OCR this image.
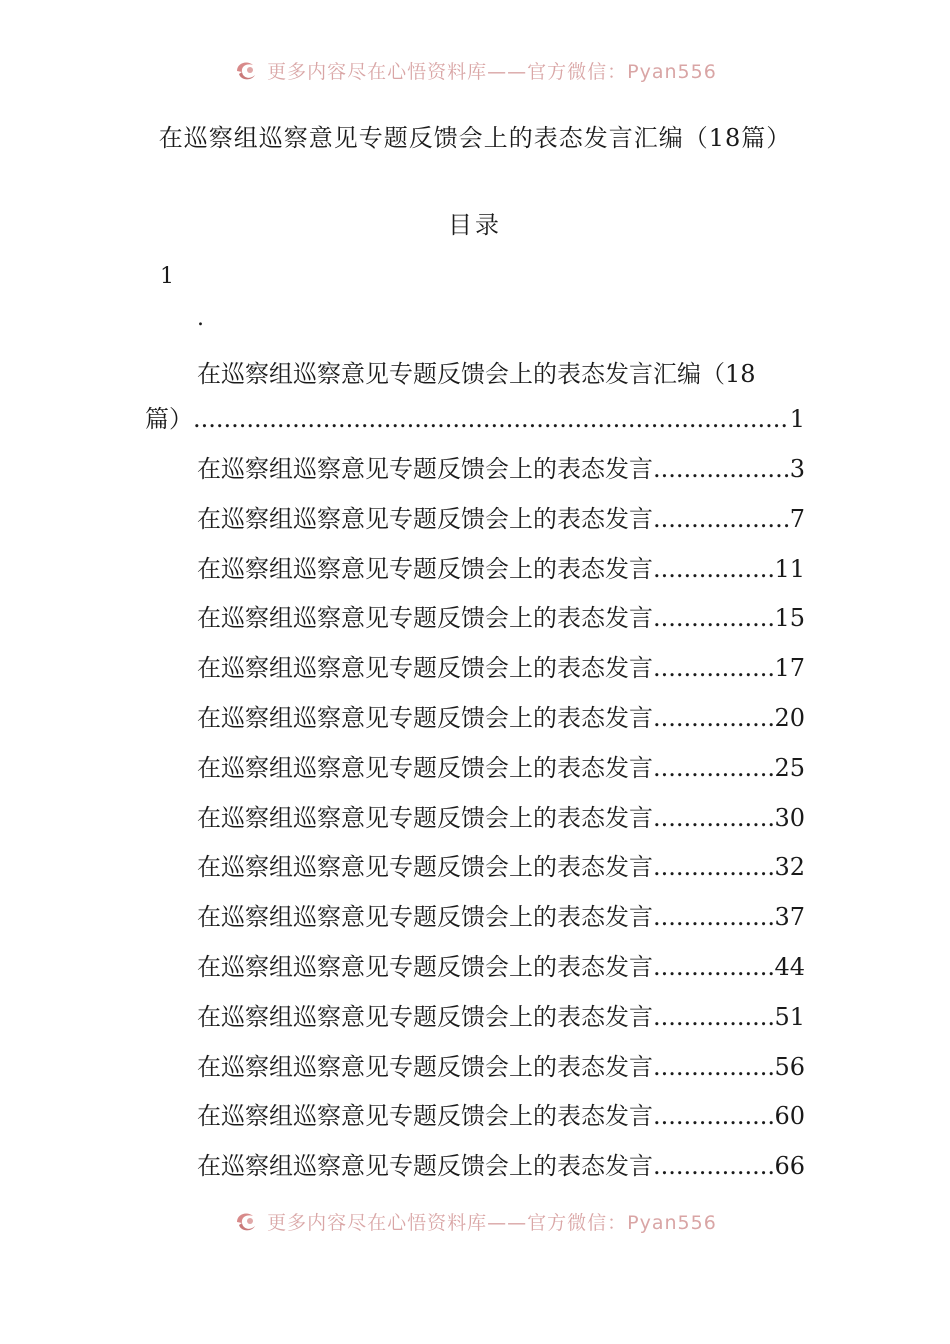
更多内容尽在心悟资料库——官方微信：Pyan556
在巡察组巡察意见专题反馈会上的表态发言汇编（18篇）
目录
1
.
在巡察组巡察意见专题反馈会上的表态发言汇编（18
篇） .....	1
在巡察组巡察意见专题反馈会上的表态发言 .....	3
在巡察组巡察意见专题反馈会上的表态发言 .....	7
在巡察组巡察意见专题反馈会上的表态发言 .....	11
在巡察组巡察意见专题反馈会上的表态发言 .....	15
在巡察组巡察意见专题反馈会上的表态发言 .....	17
在巡察组巡察意见专题反馈会上的表态发言 .....	20
在巡察组巡察意见专题反馈会上的表态发言 .....	25
在巡察组巡察意见专题反馈会上的表态发言 .....	30
在巡察组巡察意见专题反馈会上的表态发言 .....	32
在巡察组巡察意见专题反馈会上的表态发言 .....	37
在巡察组巡察意见专题反馈会上的表态发言 .....	44
在巡察组巡察意见专题反馈会上的表态发言 .....	51
在巡察组巡察意见专题反馈会上的表态发言 .....	56
在巡察组巡察意见专题反馈会上的表态发言 .....	60
在巡察组巡察意见专题反馈会上的表态发言 .....	66
更多内容尽在心悟资料库——官方微信：Pyan556
